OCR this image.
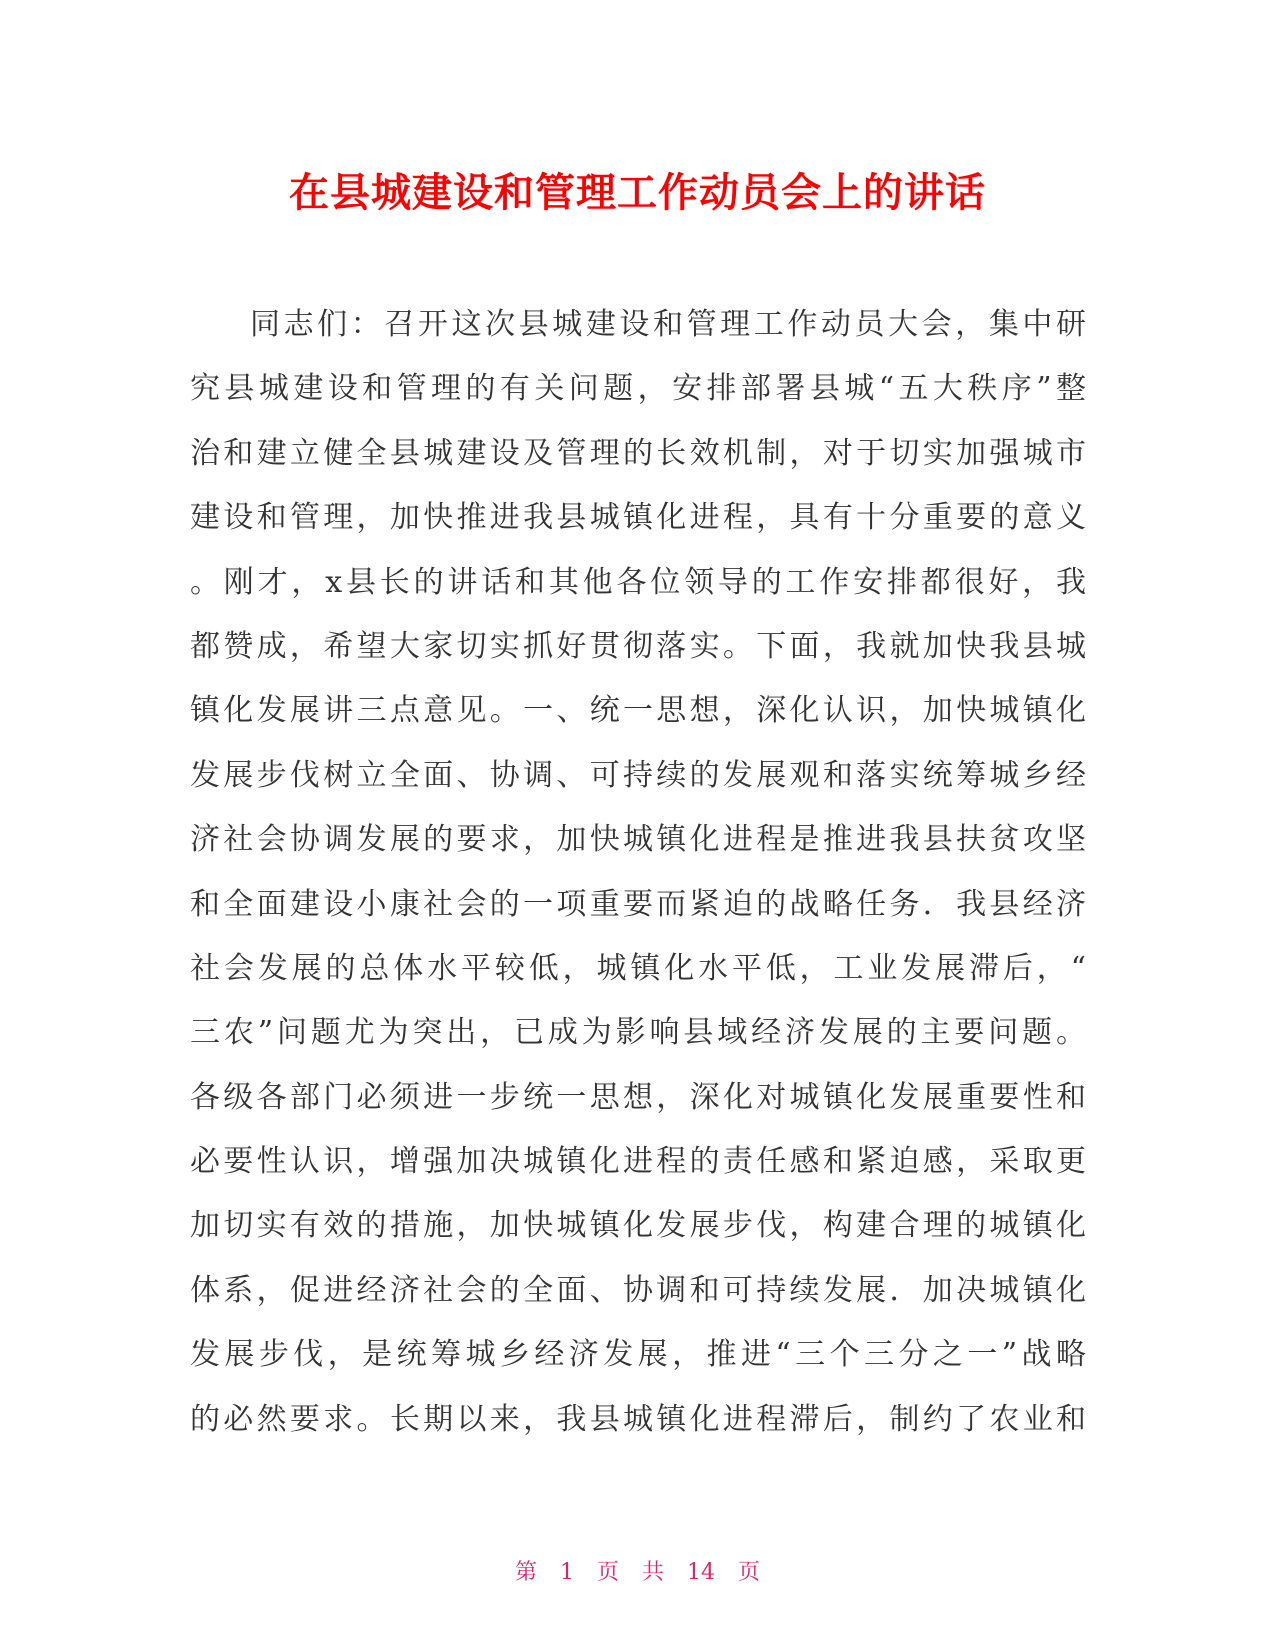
在县城建设和管理工作动员会上的讲话
同志们：召开这次县城建设和管理工作动员大会，集中研
究县城建设和管理的有关问题，安排部署县城“五大秩序”整
治和建立健全县城建设及管理的长效机制，对于切实加强城市
建设和管理，加快推进我县城镇化进程，具有十分重要的意义
。刚才，x县长的讲话和其他各位领导的工作安排都很好，我
都赞成，希望大家切实抓好贯彻落实。下面，我就加快我县城
镇化发展讲三点意见。一、统一思想，深化认识，加快城镇化
发展步伐树立全面、协调、可持续的发展观和落实统筹城乡经
济社会协调发展的要求，加快城镇化进程是推进我县扶贫攻坚
和全面建设小康社会的一项重要而紧迫的战略任务．我县经济
社会发展的总体水平较低，城镇化水平低，工业发展滞后，“
三农”问题尤为突出，已成为影响县域经济发展的主要问题。
各级各部门必须进一步统一思想，深化对城镇化发展重要性和
必要性认识，增强加决城镇化进程的责任感和紧迫感，采取更
加切实有效的措施，加快城镇化发展步伐，构建合理的城镇化
体系，促进经济社会的全面、协调和可持续发展．加决城镇化
发展步伐，是统筹城乡经济发展，推进“三个三分之一”战略
的必然要求。长期以来，我县城镇化进程滞后，制约了农业和
第 1 页 共 14 页
